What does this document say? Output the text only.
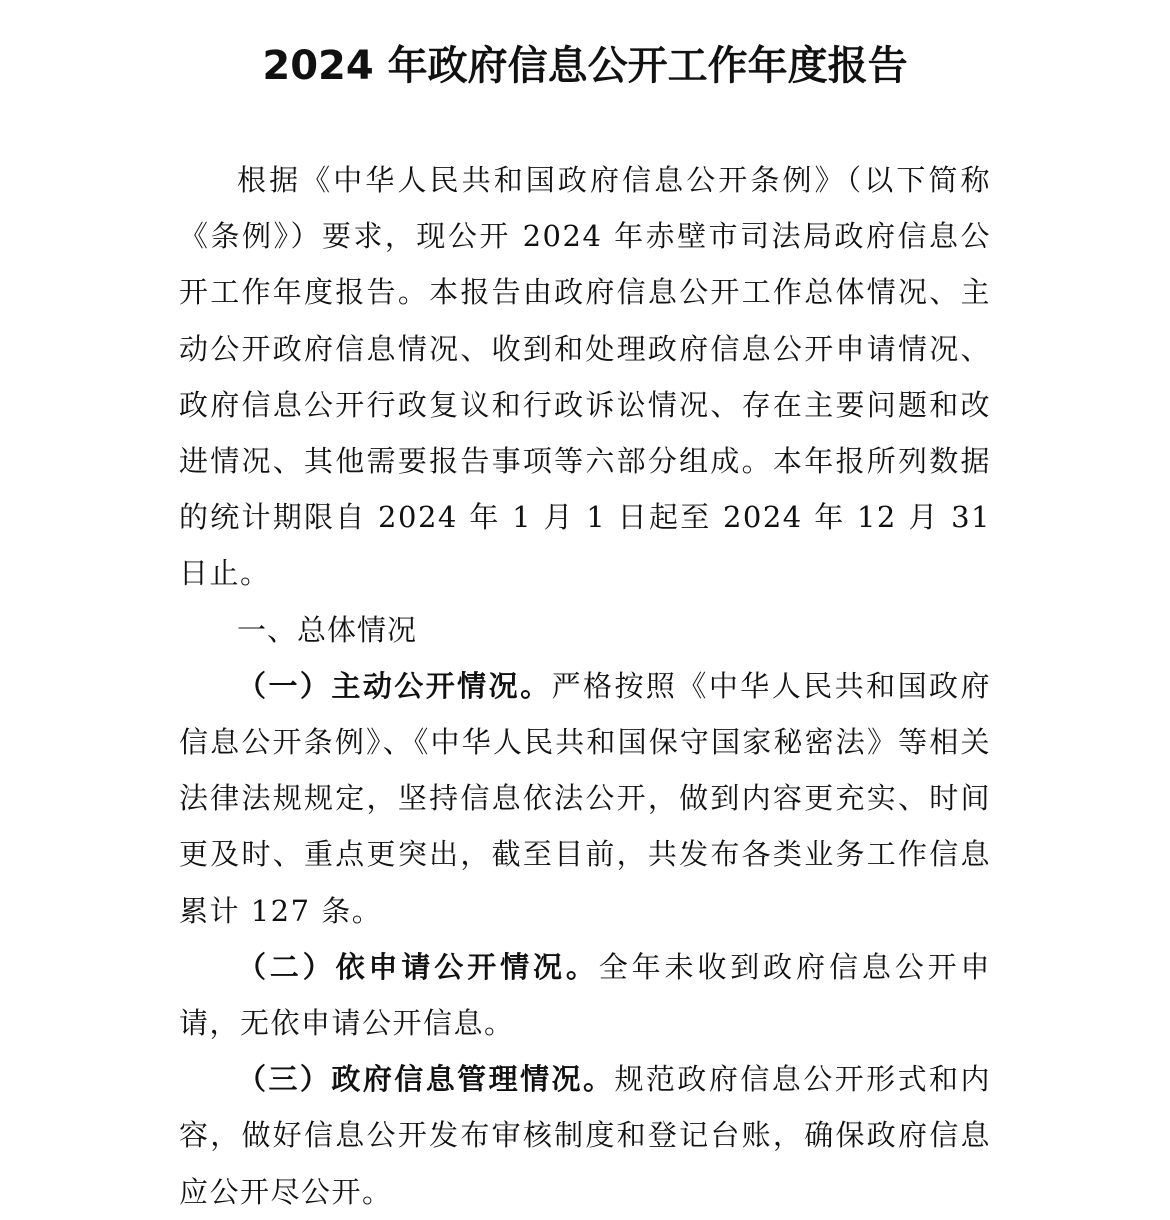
2024 年政府信息公开工作年度报告

根据《中华人民共和国政府信息公开条例》（以下简称《条例》）要求，现公开 2024 年赤壁市司法局政府信息公开工作年度报告。本报告由政府信息公开工作总体情况、主动公开政府信息情况、收到和处理政府信息公开申请情况、政府信息公开行政复议和行政诉讼情况、存在主要问题和改进情况、其他需要报告事项等六部分组成。本年报所列数据的统计期限自 2024 年 1 月 1 日起至 2024 年 12 月 31 日止。

一、总体情况

（一）主动公开情况。严格按照《中华人民共和国政府信息公开条例》、《中华人民共和国保守国家秘密法》等相关法律法规规定，坚持信息依法公开，做到内容更充实、时间更及时、重点更突出，截至目前，共发布各类业务工作信息累计 127 条。

（二）依申请公开情况。全年未收到政府信息公开申请，无依申请公开信息。

（三）政府信息管理情况。规范政府信息公开形式和内容，做好信息公开发布审核制度和登记台账，确保政府信息应公开尽公开。
